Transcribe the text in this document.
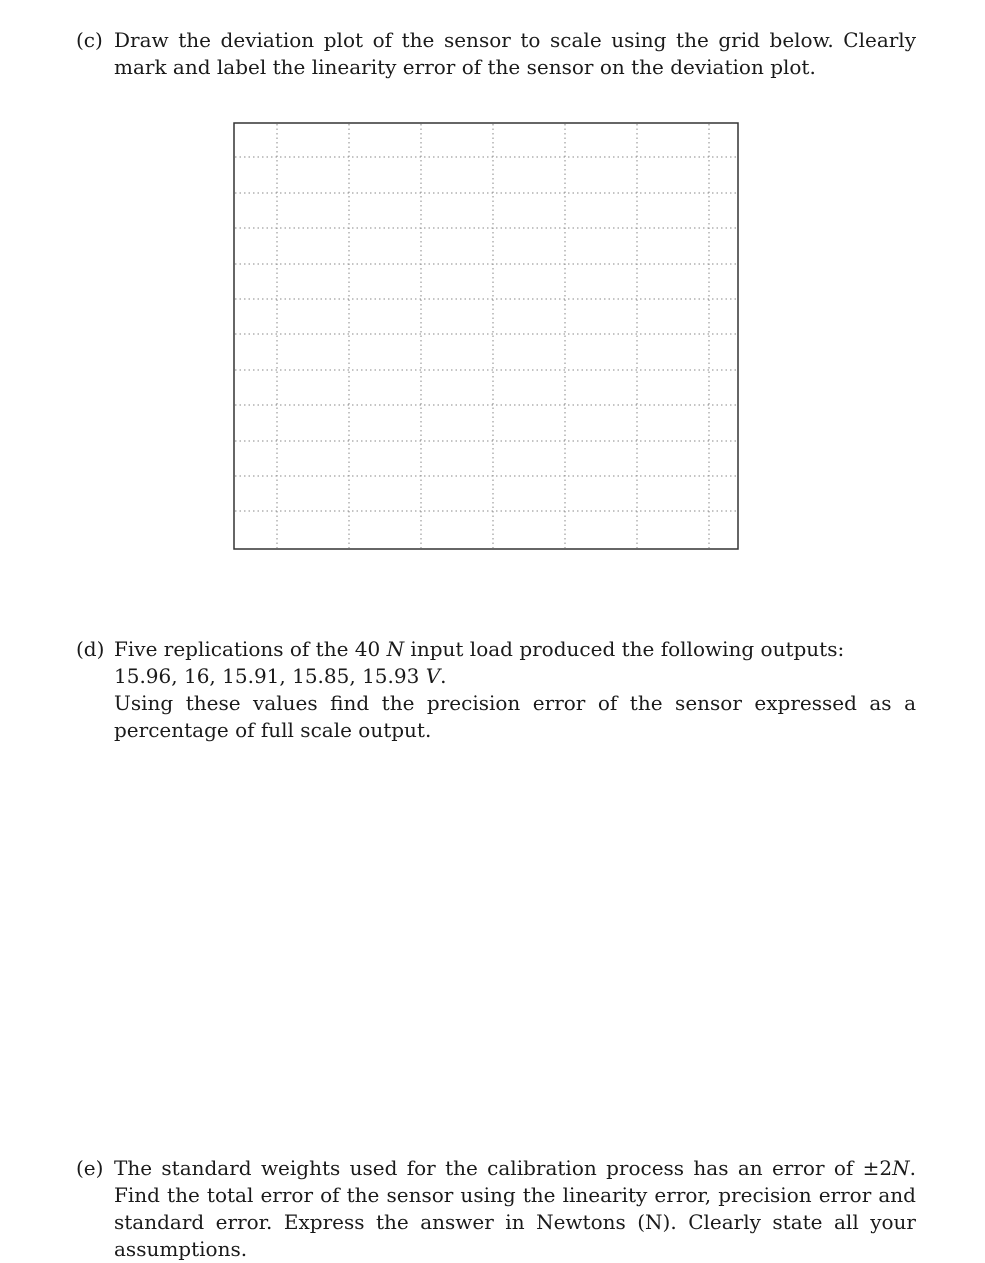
(c) Draw the deviation plot of the sensor to scale using the grid below. Clearly mark and label the linearity error of the sensor on the deviation plot.

(d) Five replications of the 40 N input load produced the following outputs:

15.96, 16, 15.91, 15.85, 15.93 V.

Using these values find the precision error of the sensor expressed as a percentage of full scale output.

(e) The standard weights used for the calibration process has an error of ±2N. Find the total error of the sensor using the linearity error, precision error and standard error. Express the answer in Newtons (N). Clearly state all your assumptions.
